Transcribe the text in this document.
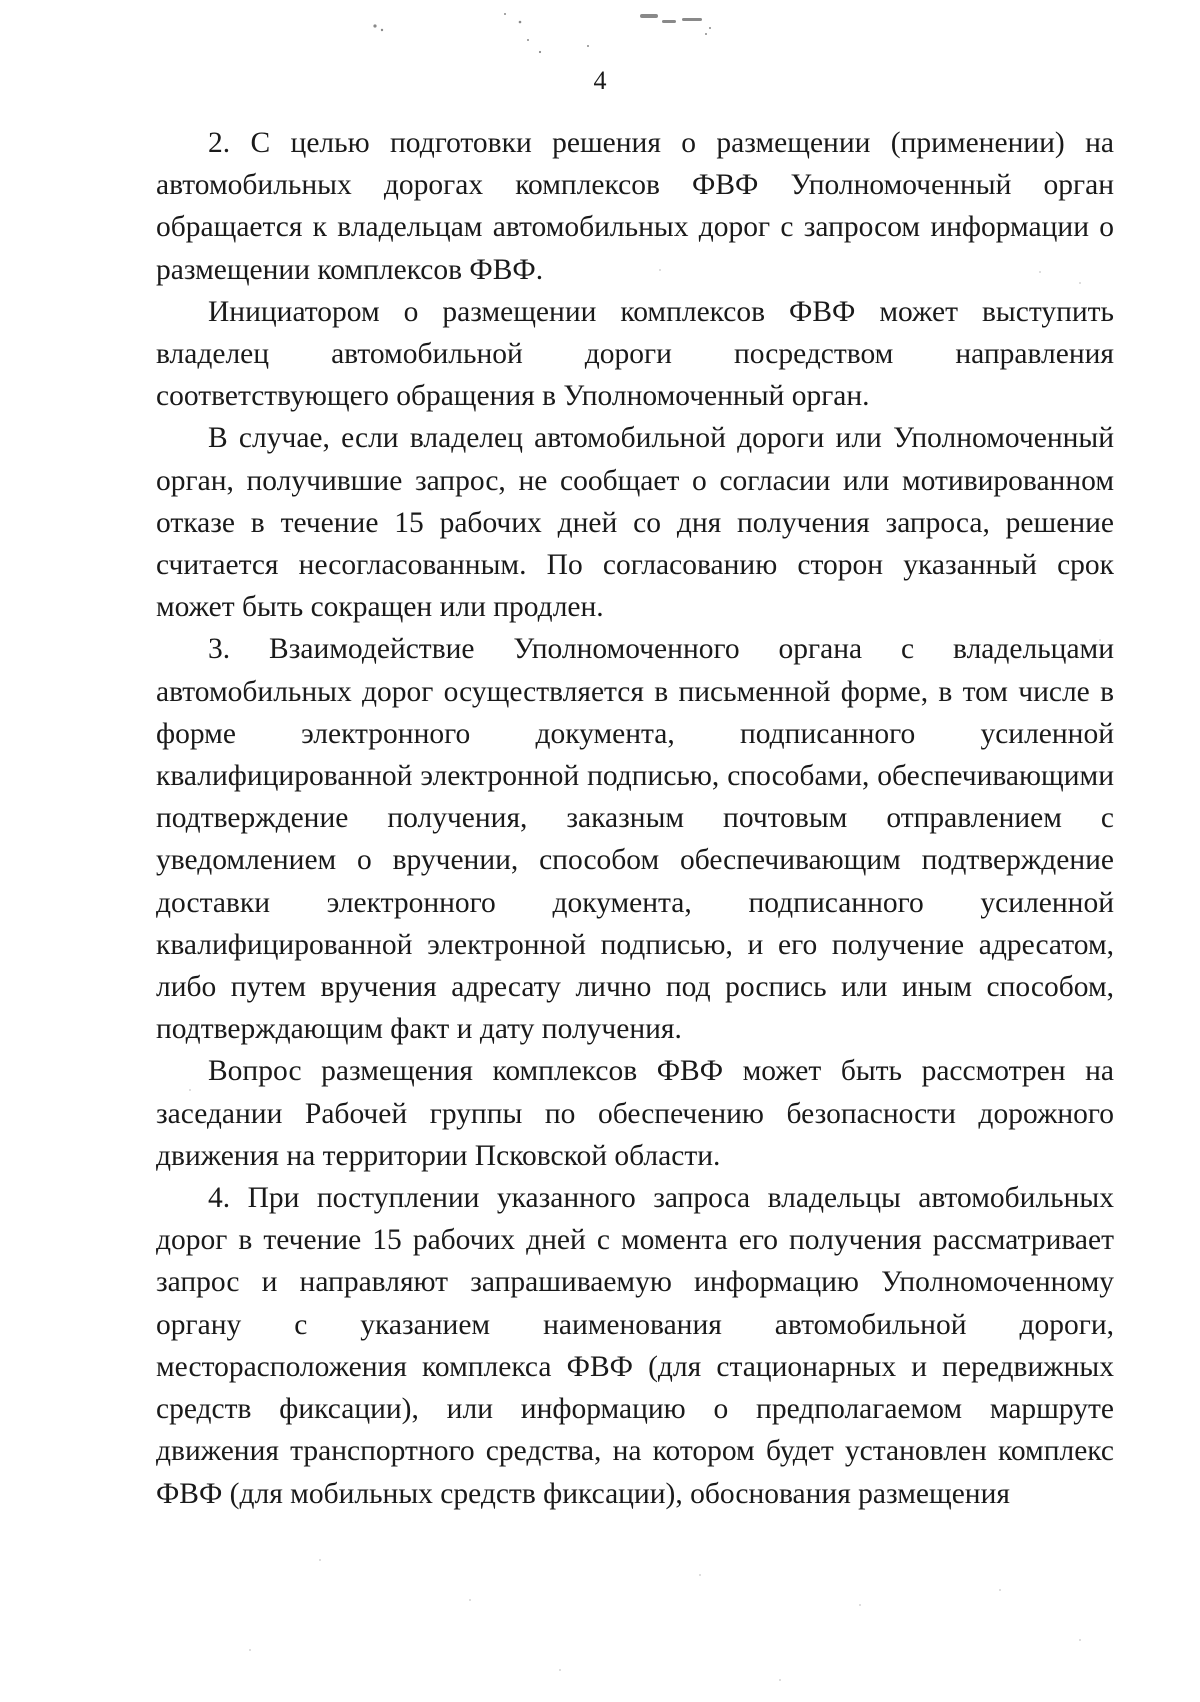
4

2. С целью подготовки решения о размещении (применении) на автомобильных дорогах комплексов ФВФ Уполномоченный орган обращается к владельцам автомобильных дорог с запросом информации о размещении комплексов ФВФ.

Инициатором о размещении комплексов ФВФ может выступить владелец автомобильной дороги посредством направления соответствующего обращения в Уполномоченный орган.

В случае, если владелец автомобильной дороги или Уполномоченный орган, получившие запрос, не сообщает о согласии или мотивированном отказе в течение 15 рабочих дней со дня получения запроса, решение считается несогласованным. По согласованию сторон указанный срок может быть сокращен или продлен.

3. Взаимодействие Уполномоченного органа с владельцами автомобильных дорог осуществляется в письменной форме, в том числе в форме электронного документа, подписанного усиленной квалифицированной электронной подписью, способами, обеспечивающими подтверждение получения, заказным почтовым отправлением с уведомлением о вручении, способом обеспечивающим подтверждение доставки электронного документа, подписанного усиленной квалифицированной электронной подписью, и его получение адресатом, либо путем вручения адресату лично под роспись или иным способом, подтверждающим факт и дату получения.

Вопрос размещения комплексов ФВФ может быть рассмотрен на заседании Рабочей группы по обеспечению безопасности дорожного движения на территории Псковской области.

4. При поступлении указанного запроса владельцы автомобильных дорог в течение 15 рабочих дней с момента его получения рассматривает запрос и направляют запрашиваемую информацию Уполномоченному органу с указанием наименования автомобильной дороги, месторасположения комплекса ФВФ (для стационарных и передвижных средств фиксации), или информацию о предполагаемом маршруте движения транспортного средства, на котором будет установлен комплекс ФВФ (для мобильных средств фиксации), обоснования размещения
